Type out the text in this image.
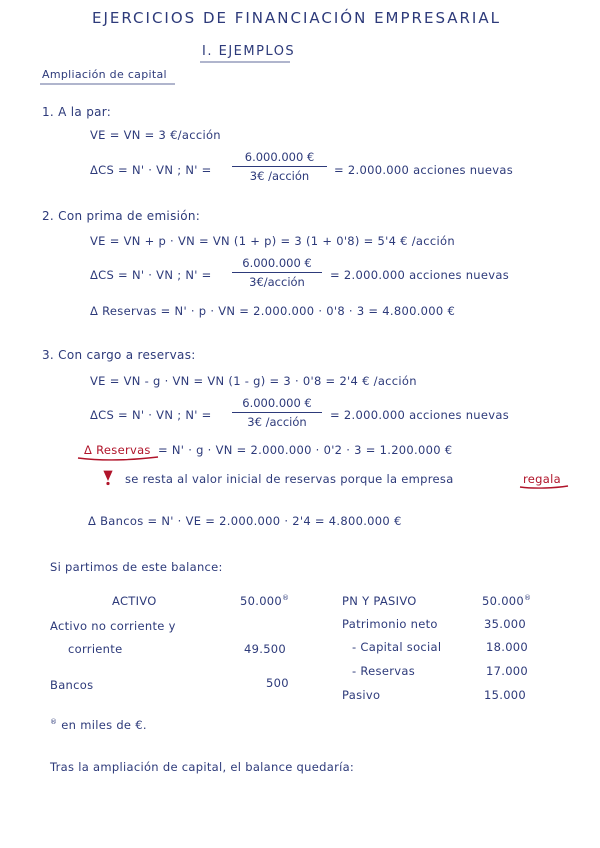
EJERCICIOS DE FINANCIACIÓN EMPRESARIAL
I. EJEMPLOS
Ampliación de capital
1. A la par:
VE = VN = 3 €/acción
ΔCS = N' · VN ; N' =
6.000.000 €
3€ /acción	= 2.000.000 acciones nuevas
2. Con prima de emisión:
VE = VN + p · VN = VN (1 + p) = 3 (1 + 0'8) = 5'4 € /acción
ΔCS = N' · VN ; N' =
6.000.000 €
3€/acción	= 2.000.000 acciones nuevas
Δ Reservas = N' · p · VN = 2.000.000 · 0'8 · 3 = 4.800.000 €
3. Con cargo a reservas:
VE = VN - g · VN = VN (1 - g) = 3 · 0'8 = 2'4 € /acción
ΔCS = N' · VN ; N' =
6.000.000 €
3€ /acción	= 2.000.000 acciones nuevas
Δ Reservas = N' · g · VN = 2.000.000 · 0'2 · 3 = 1.200.000 €
se resta al valor inicial de reservas porque la empresa	regala
Δ Bancos = N' · VE = 2.000.000 · 2'4 = 4.800.000 €
Si partimos de este balance:
ACTIVO	50.000®	PN Y PASIVO	50.000®
Activo no corriente y
corriente	49.500
Bancos	500
Patrimonio neto	35.000
- Capital social	18.000
- Reservas	17.000
Pasivo	15.000
® en miles de €.
Tras la ampliación de capital, el balance quedaría:
